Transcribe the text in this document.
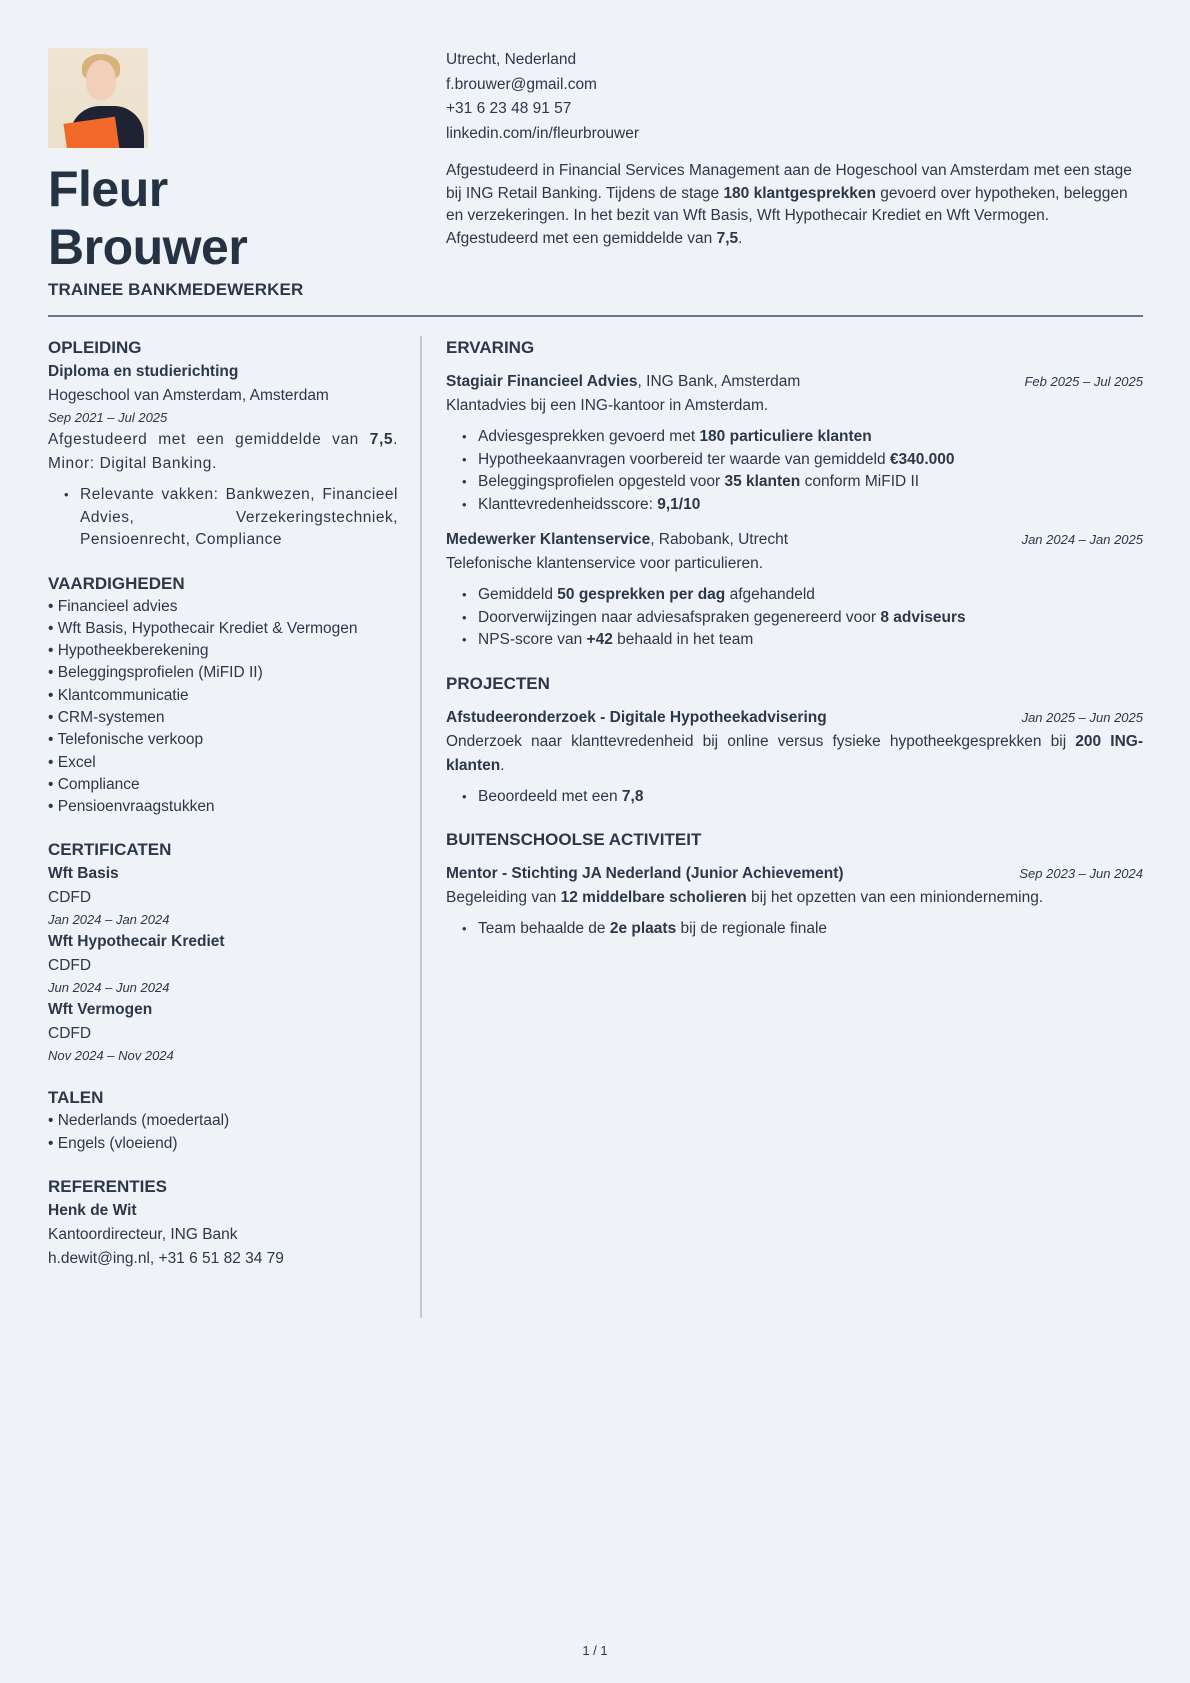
Fleur
Brouwer
TRAINEE BANKMEDEWERKER
Utrecht, Nederland
f.brouwer@gmail.com
+31 6 23 48 91 57
linkedin.com/in/fleurbrouwer
Afgestudeerd in Financial Services Management aan de Hogeschool van Amsterdam met een stage bij ING Retail Banking. Tijdens de stage 180 klantgesprekken gevoerd over hypotheken, beleggen en verzekeringen. In het bezit van Wft Basis, Wft Hypothecair Krediet en Wft Vermogen. Afgestudeerd met een gemiddelde van 7,5.
OPLEIDING
Diploma en studierichting
Hogeschool van Amsterdam, Amsterdam
Sep 2021 – Jul 2025
Afgestudeerd met een gemiddelde van 7,5. Minor: Digital Banking.
• Relevante vakken: Bankwezen, Financieel Advies, Verzekeringstechniek, Pensioenrecht, Compliance
VAARDIGHEDEN
• Financieel advies
• Wft Basis, Hypothecair Krediet & Vermogen
• Hypotheekberekening
• Beleggingsprofielen (MiFID II)
• Klantcommunicatie
• CRM-systemen
• Telefonische verkoop
• Excel
• Compliance
• Pensioenvraagstukken
CERTIFICATEN
Wft Basis
CDFD
Jan 2024 – Jan 2024
Wft Hypothecair Krediet
CDFD
Jun 2024 – Jun 2024
Wft Vermogen
CDFD
Nov 2024 – Nov 2024
TALEN
• Nederlands (moedertaal)
• Engels (vloeiend)
REFERENTIES
Henk de Wit
Kantoordirecteur, ING Bank
h.dewit@ing.nl, +31 6 51 82 34 79
ERVARING
Stagiair Financieel Advies, ING Bank, Amsterdam	Feb 2025 – Jul 2025
Klantadvies bij een ING-kantoor in Amsterdam.
• Adviesgesprekken gevoerd met 180 particuliere klanten
• Hypotheekaanvragen voorbereid ter waarde van gemiddeld €340.000
• Beleggingsprofielen opgesteld voor 35 klanten conform MiFID II
• Klanttevredenheidsscore: 9,1/10
Medewerker Klantenservice, Rabobank, Utrecht	Jan 2024 – Jan 2025
Telefonische klantenservice voor particulieren.
• Gemiddeld 50 gesprekken per dag afgehandeld
• Doorverwijzingen naar adviesafspraken gegenereerd voor 8 adviseurs
• NPS-score van +42 behaald in het team
PROJECTEN
Afstudeeronderzoek - Digitale Hypotheekadvisering	Jan 2025 – Jun 2025
Onderzoek naar klanttevredenheid bij online versus fysieke hypotheekgesprekken bij 200 ING-klanten.
• Beoordeeld met een 7,8
BUITENSCHOOLSE ACTIVITEIT
Mentor - Stichting JA Nederland (Junior Achievement)	Sep 2023 – Jun 2024
Begeleiding van 12 middelbare scholieren bij het opzetten van een minionderneming.
• Team behaalde de 2e plaats bij de regionale finale
1 / 1
